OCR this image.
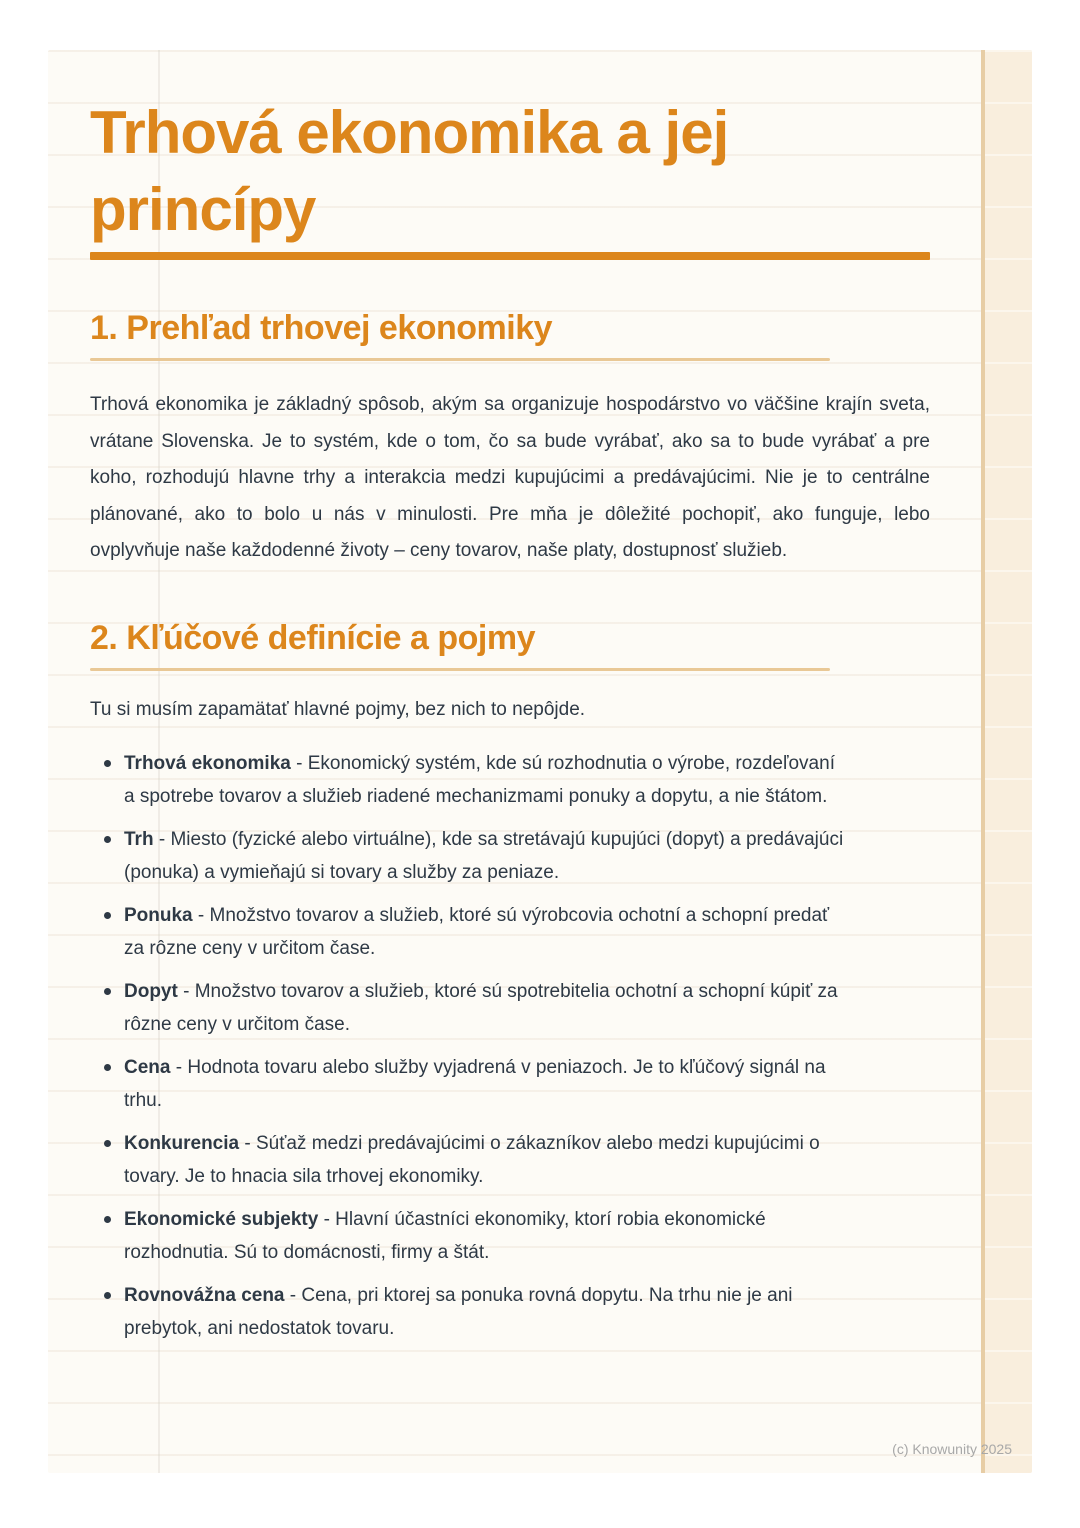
Trhová ekonomika a jej princípy
1. Prehľad trhovej ekonomiky

Trhová ekonomika je základný spôsob, akým sa organizuje hospodárstvo vo väčšine krajín sveta, vrátane Slovenska. Je to systém, kde o tom, čo sa bude vyrábať, ako sa to bude vyrábať a pre koho, rozhodujú hlavne trhy a interakcia medzi kupujúcimi a predávajúcimi. Nie je to centrálne plánované, ako to bolo u nás v minulosti. Pre mňa je dôležité pochopiť, ako funguje, lebo ovplyvňuje naše každodenné životy – ceny tovarov, naše platy, dostupnosť služieb.

2. Kľúčové definície a pojmy

Tu si musím zapamätať hlavné pojmy, bez nich to nepôjde.

Trhová ekonomika - Ekonomický systém, kde sú rozhodnutia o výrobe, rozdeľovaní a spotrebe tovarov a služieb riadené mechanizmami ponuky a dopytu, a nie štátom.
Trh - Miesto (fyzické alebo virtuálne), kde sa stretávajú kupujúci (dopyt) a predávajúci (ponuka) a vymieňajú si tovary a služby za peniaze.
Ponuka - Množstvo tovarov a služieb, ktoré sú výrobcovia ochotní a schopní predať za rôzne ceny v určitom čase.
Dopyt - Množstvo tovarov a služieb, ktoré sú spotrebitelia ochotní a schopní kúpiť za rôzne ceny v určitom čase.
Cena - Hodnota tovaru alebo služby vyjadrená v peniazoch. Je to kľúčový signál na trhu.
Konkurencia - Súťaž medzi predávajúcimi o zákazníkov alebo medzi kupujúcimi o tovary. Je to hnacia sila trhovej ekonomiky.
Ekonomické subjekty - Hlavní účastníci ekonomiky, ktorí robia ekonomické rozhodnutia. Sú to domácnosti, firmy a štát.
Rovnovážna cena - Cena, pri ktorej sa ponuka rovná dopytu. Na trhu nie je ani prebytok, ani nedostatok tovaru.
(c) Knowunity 2025
